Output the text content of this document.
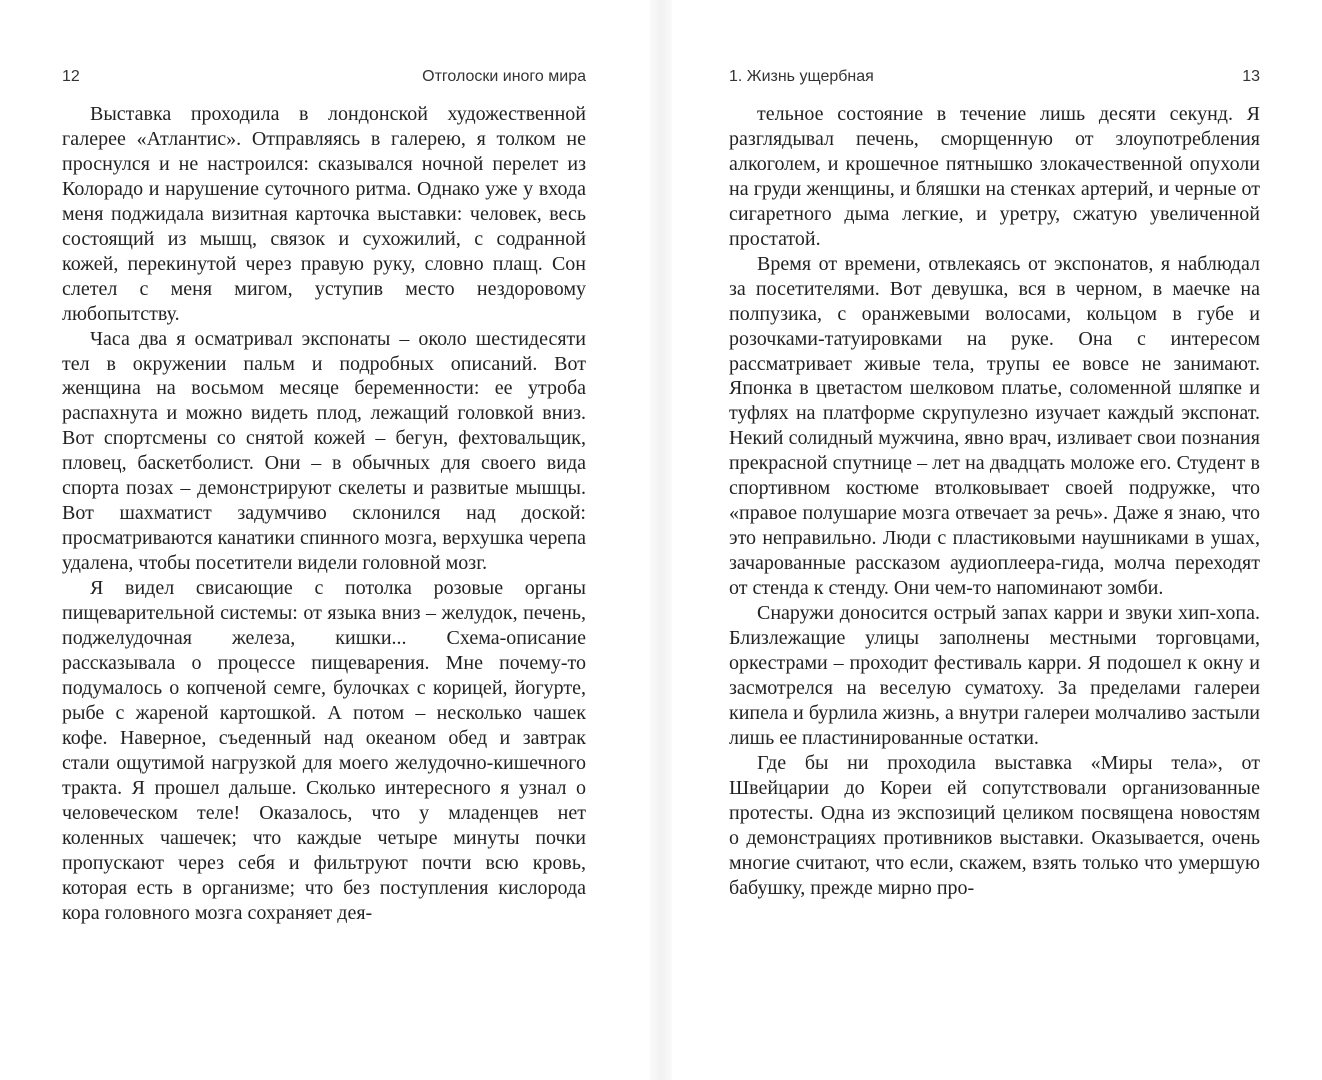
12	Отголоски иного мира

Выставка проходила в лондонской художественной галерее «Атлантис». Отправляясь в галерею, я толком не проснулся и не настроился: сказывался ночной перелет из Колорадо и нарушение суточного ритма. Однако уже у входа меня поджидала визитная карточка выставки: человек, весь состоящий из мышц, связок и сухожилий, с содранной кожей, перекинутой через правую руку, словно плащ. Сон слетел с меня мигом, уступив место нездоровому любопытству.

Часа два я осматривал экспонаты – около шестидесяти тел в окружении пальм и подробных описаний. Вот женщина на восьмом месяце беременности: ее утроба распахнута и можно видеть плод, лежащий головкой вниз. Вот спортсмены со снятой кожей – бегун, фехтовальщик, пловец, баскетболист. Они – в обычных для своего вида спорта позах – демонстрируют скелеты и развитые мышцы. Вот шахматист задумчиво склонился над доской: просматриваются канатики спинного мозга, верхушка черепа удалена, чтобы посетители видели головной мозг.

Я видел свисающие с потолка розовые органы пищеварительной системы: от языка вниз – желудок, печень, поджелудочная железа, кишки... Схема-описание рассказывала о процессе пищеварения. Мне почему-то подумалось о копченой семге, булочках с корицей, йогурте, рыбе с жареной картошкой. А потом – несколько чашек кофе. Наверное, съеденный над океаном обед и завтрак стали ощутимой нагрузкой для моего желудочно-кишечного тракта. Я прошел дальше. Сколько интересного я узнал о человеческом теле! Оказалось, что у младенцев нет коленных чашечек; что каждые четыре минуты почки пропускают через себя и фильтруют почти всю кровь, которая есть в организме; что без поступления кислорода кора головного мозга сохраняет дея-

1. Жизнь ущербная	13

тельное состояние в течение лишь десяти секунд. Я разглядывал печень, сморщенную от злоупотребления алкоголем, и крошечное пятнышко злокачественной опухоли на груди женщины, и бляшки на стенках артерий, и черные от сигаретного дыма легкие, и уретру, сжатую увеличенной простатой.

Время от времени, отвлекаясь от экспонатов, я наблюдал за посетителями. Вот девушка, вся в черном, в маечке на полпузика, с оранжевыми волосами, кольцом в губе и розочками-татуировками на руке. Она с интересом рассматривает живые тела, трупы ее вовсе не занимают. Японка в цветастом шелковом платье, соломенной шляпке и туфлях на платформе скрупулезно изучает каждый экспонат. Некий солидный мужчина, явно врач, изливает свои познания прекрасной спутнице – лет на двадцать моложе его. Студент в спортивном костюме втолковывает своей подружке, что «правое полушарие мозга отвечает за речь». Даже я знаю, что это неправильно. Люди с пластиковыми наушниками в ушах, зачарованные рассказом аудиоплеера-гида, молча переходят от стенда к стенду. Они чем-то напоминают зомби.

Снаружи доносится острый запах карри и звуки хип-хопа. Близлежащие улицы заполнены местными торговцами, оркестрами – проходит фестиваль карри. Я подошел к окну и засмотрелся на веселую суматоху. За пределами галереи кипела и бурлила жизнь, а внутри галереи молчаливо застыли лишь ее пластинированные остатки.

Где бы ни проходила выставка «Миры тела», от Швейцарии до Кореи ей сопутствовали организованные протесты. Одна из экспозиций целиком посвящена новостям о демонстрациях противников выставки. Оказывается, очень многие считают, что если, скажем, взять только что умершую бабушку, прежде мирно про-
